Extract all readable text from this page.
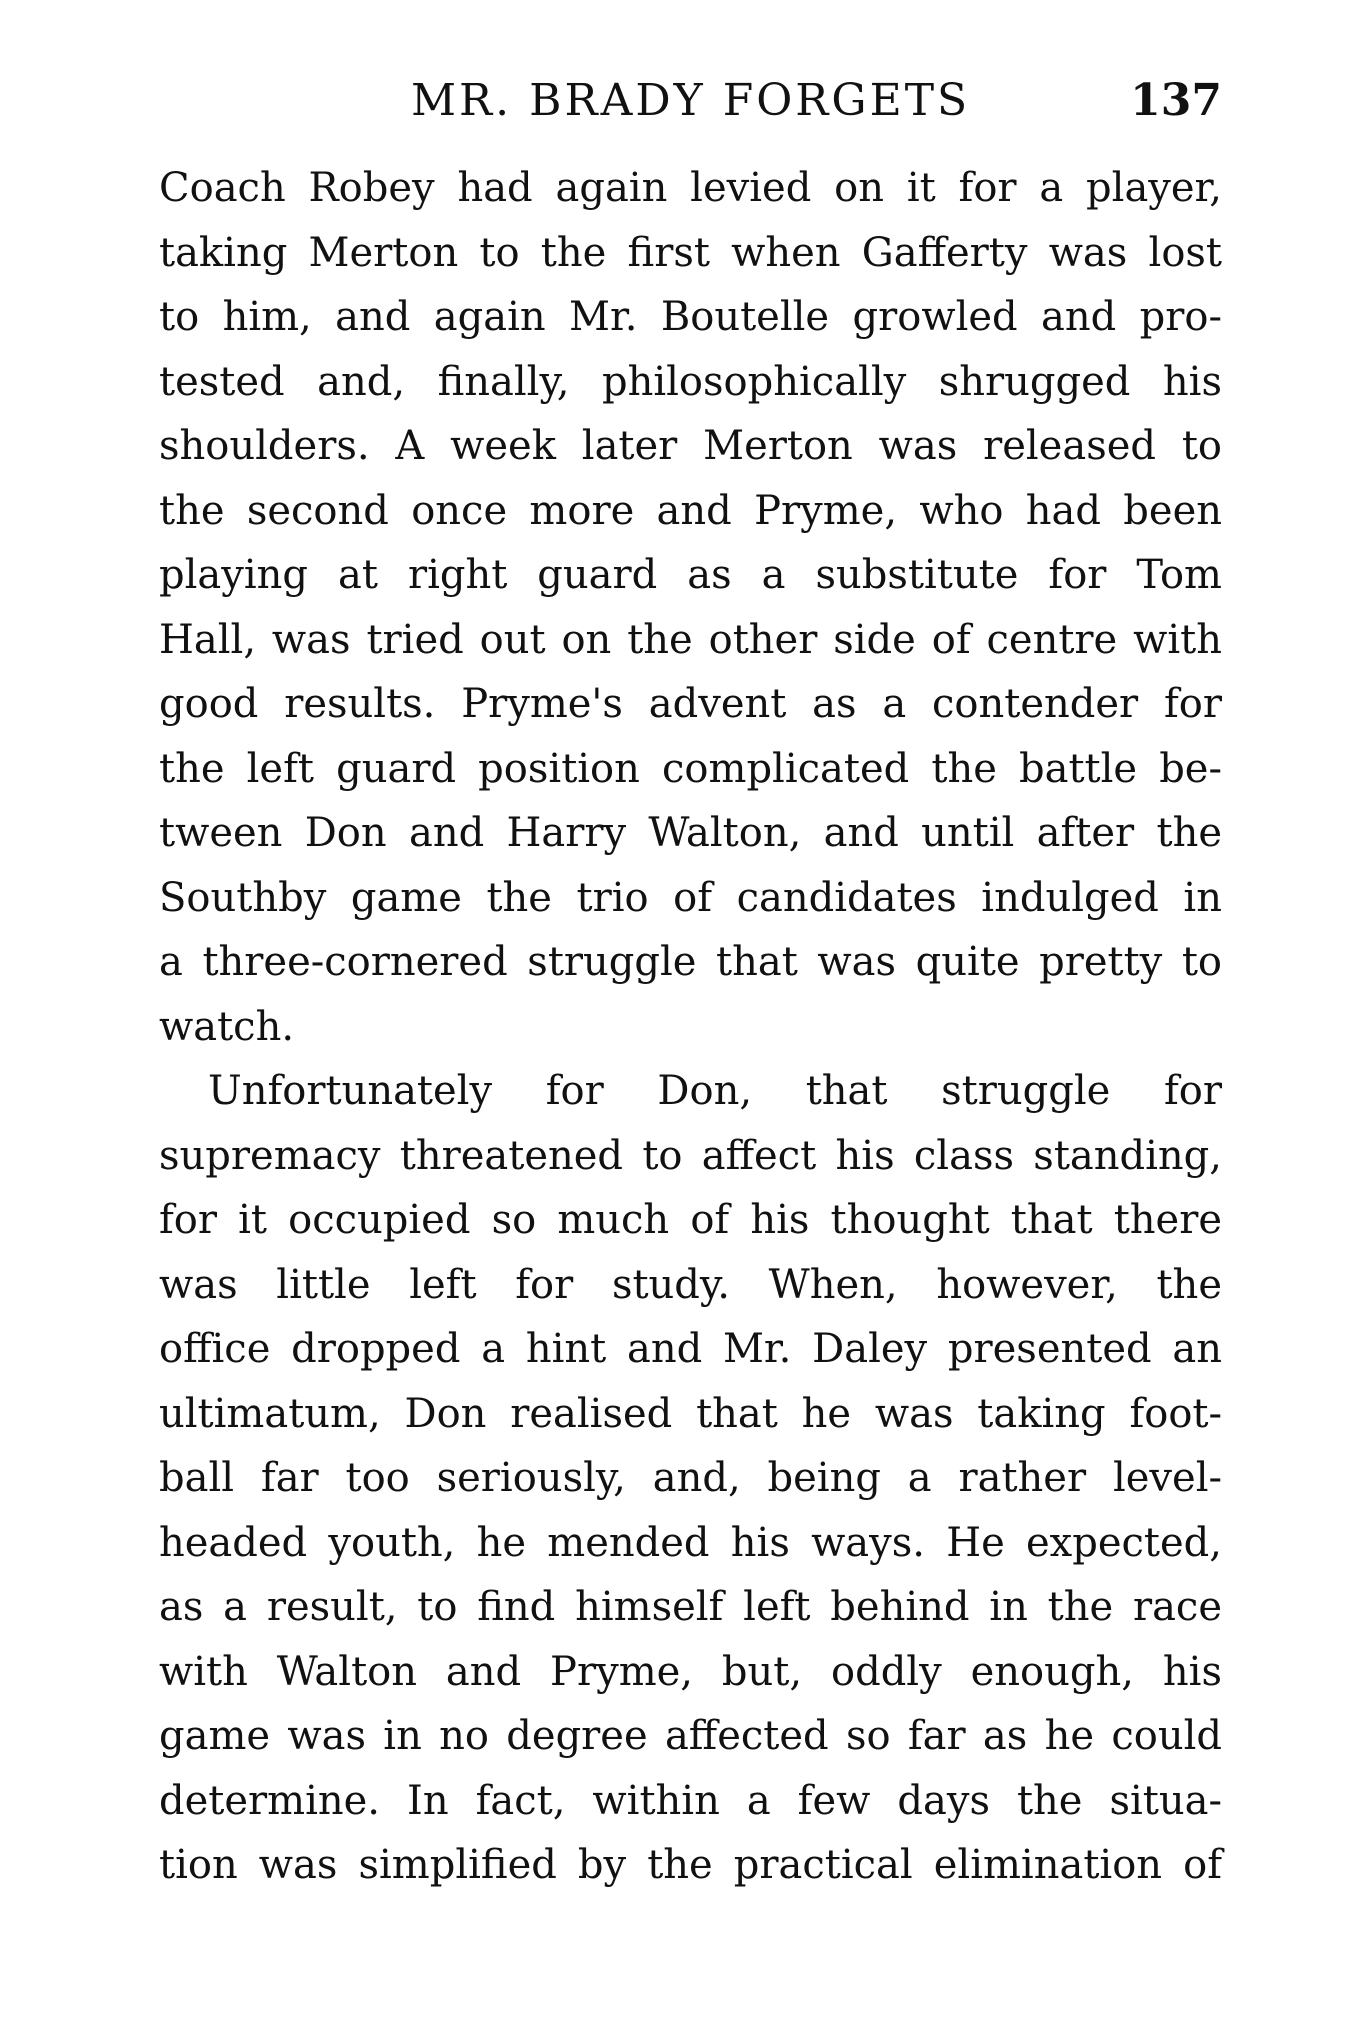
MR. BRADY FORGETS	137
Coach Robey had again levied on it for a player,
taking Merton to the first when Gafferty was lost
to him, and again Mr. Boutelle growled and pro-
tested and, finally, philosophically shrugged his
shoulders. A week later Merton was released to
the second once more and Pryme, who had been
playing at right guard as a substitute for Tom
Hall, was tried out on the other side of centre with
good results. Pryme's advent as a contender for
the left guard position complicated the battle be-
tween Don and Harry Walton, and until after the
Southby game the trio of candidates indulged in
a three-cornered struggle that was quite pretty to
watch.
Unfortunately for Don, that struggle for
supremacy threatened to affect his class standing,
for it occupied so much of his thought that there
was little left for study. When, however, the
office dropped a hint and Mr. Daley presented an
ultimatum, Don realised that he was taking foot-
ball far too seriously, and, being a rather level-
headed youth, he mended his ways. He expected,
as a result, to find himself left behind in the race
with Walton and Pryme, but, oddly enough, his
game was in no degree affected so far as he could
determine. In fact, within a few days the situa-
tion was simplified by the practical elimination of
